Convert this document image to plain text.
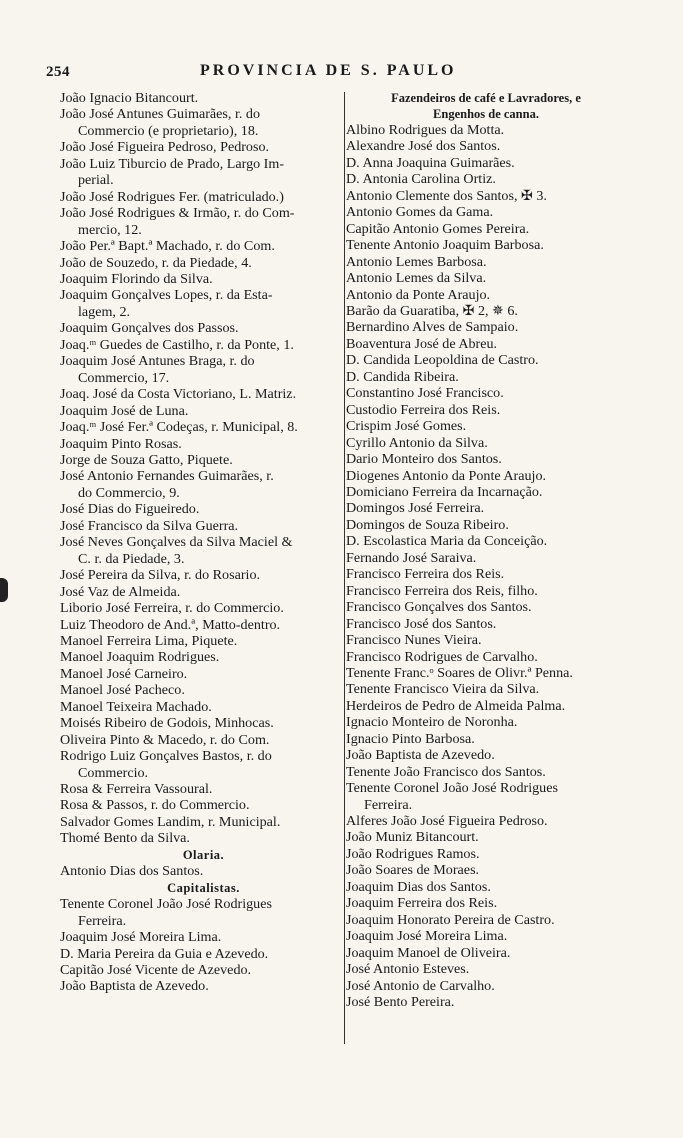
254	PROVINCIA DE S. PAULO
João Ignacio Bitancourt.
João José Antunes Guimarães, r. do
Commercio (e proprietario), 18.
João José Figueira Pedroso, Pedroso.
João Luiz Tiburcio de Prado, Largo Im-
perial.
João José Rodrigues Fer. (matriculado.)
João José Rodrigues & Irmão, r. do Com-
mercio, 12.
João Per.ª Bapt.ª Machado, r. do Com.
João de Souzedo, r. da Piedade, 4.
Joaquim Florindo da Silva.
Joaquim Gonçalves Lopes, r. da Esta-
lagem, 2.
Joaquim Gonçalves dos Passos.
Joaq.ᵐ Guedes de Castilho, r. da Ponte, 1.
Joaquim José Antunes Braga, r. do
Commercio, 17.
Joaq. José da Costa Victoriano, L. Matriz.
Joaquim José de Luna.
Joaq.ᵐ José Fer.ª Codeças, r. Municipal, 8.
Joaquim Pinto Rosas.
Jorge de Souza Gatto, Piquete.
José Antonio Fernandes Guimarães, r.
do Commercio, 9.
José Dias do Figueiredo.
José Francisco da Silva Guerra.
José Neves Gonçalves da Silva Maciel &
C. r. da Piedade, 3.
José Pereira da Silva, r. do Rosario.
José Vaz de Almeida.
Liborio José Ferreira, r. do Commercio.
Luiz Theodoro de And.ª, Matto-dentro.
Manoel Ferreira Lima, Piquete.
Manoel Joaquim Rodrigues.
Manoel José Carneiro.
Manoel José Pacheco.
Manoel Teixeira Machado.
Moisés Ribeiro de Godois, Minhocas.
Oliveira Pinto & Macedo, r. do Com.
Rodrigo Luiz Gonçalves Bastos, r. do
Commercio.
Rosa & Ferreira Vassoural.
Rosa & Passos, r. do Commercio.
Salvador Gomes Landim, r. Municipal.
Thomé Bento da Silva.
Olaria.
Antonio Dias dos Santos.
Capitalistas.
Tenente Coronel João José Rodrigues
Ferreira.
Joaquim José Moreira Lima.
D. Maria Pereira da Guia e Azevedo.
Capitão José Vicente de Azevedo.
João Baptista de Azevedo.
Fazendeiros de café e Lavradores, e
Engenhos de canna.
Albino Rodrigues da Motta.
Alexandre José dos Santos.
D. Anna Joaquina Guimarães.
D. Antonia Carolina Ortiz.
Antonio Clemente dos Santos, ✠ 3.
Antonio Gomes da Gama.
Capitão Antonio Gomes Pereira.
Tenente Antonio Joaquim Barbosa.
Antonio Lemes Barbosa.
Antonio Lemes da Silva.
Antonio da Ponte Araujo.
Barão da Guaratiba, ✠ 2, ✵ 6.
Bernardino Alves de Sampaio.
Boaventura José de Abreu.
D. Candida Leopoldina de Castro.
D. Candida Ribeira.
Constantino José Francisco.
Custodio Ferreira dos Reis.
Crispim José Gomes.
Cyrillo Antonio da Silva.
Dario Monteiro dos Santos.
Diogenes Antonio da Ponte Araujo.
Domiciano Ferreira da Incarnação.
Domingos José Ferreira.
Domingos de Souza Ribeiro.
D. Escolastica Maria da Conceição.
Fernando José Saraiva.
Francisco Ferreira dos Reis.
Francisco Ferreira dos Reis, filho.
Francisco Gonçalves dos Santos.
Francisco José dos Santos.
Francisco Nunes Vieira.
Francisco Rodrigues de Carvalho.
Tenente Franc.ᵒ Soares de Olivr.ª Penna.
Tenente Francisco Vieira da Silva.
Herdeiros de Pedro de Almeida Palma.
Ignacio Monteiro de Noronha.
Ignacio Pinto Barbosa.
João Baptista de Azevedo.
Tenente João Francisco dos Santos.
Tenente Coronel João José Rodrigues
Ferreira.
Alferes João José Figueira Pedroso.
João Muniz Bitancourt.
João Rodrigues Ramos.
João Soares de Moraes.
Joaquim Dias dos Santos.
Joaquim Ferreira dos Reis.
Joaquim Honorato Pereira de Castro.
Joaquim José Moreira Lima.
Joaquim Manoel de Oliveira.
José Antonio Esteves.
José Antonio de Carvalho.
José Bento Pereira.
